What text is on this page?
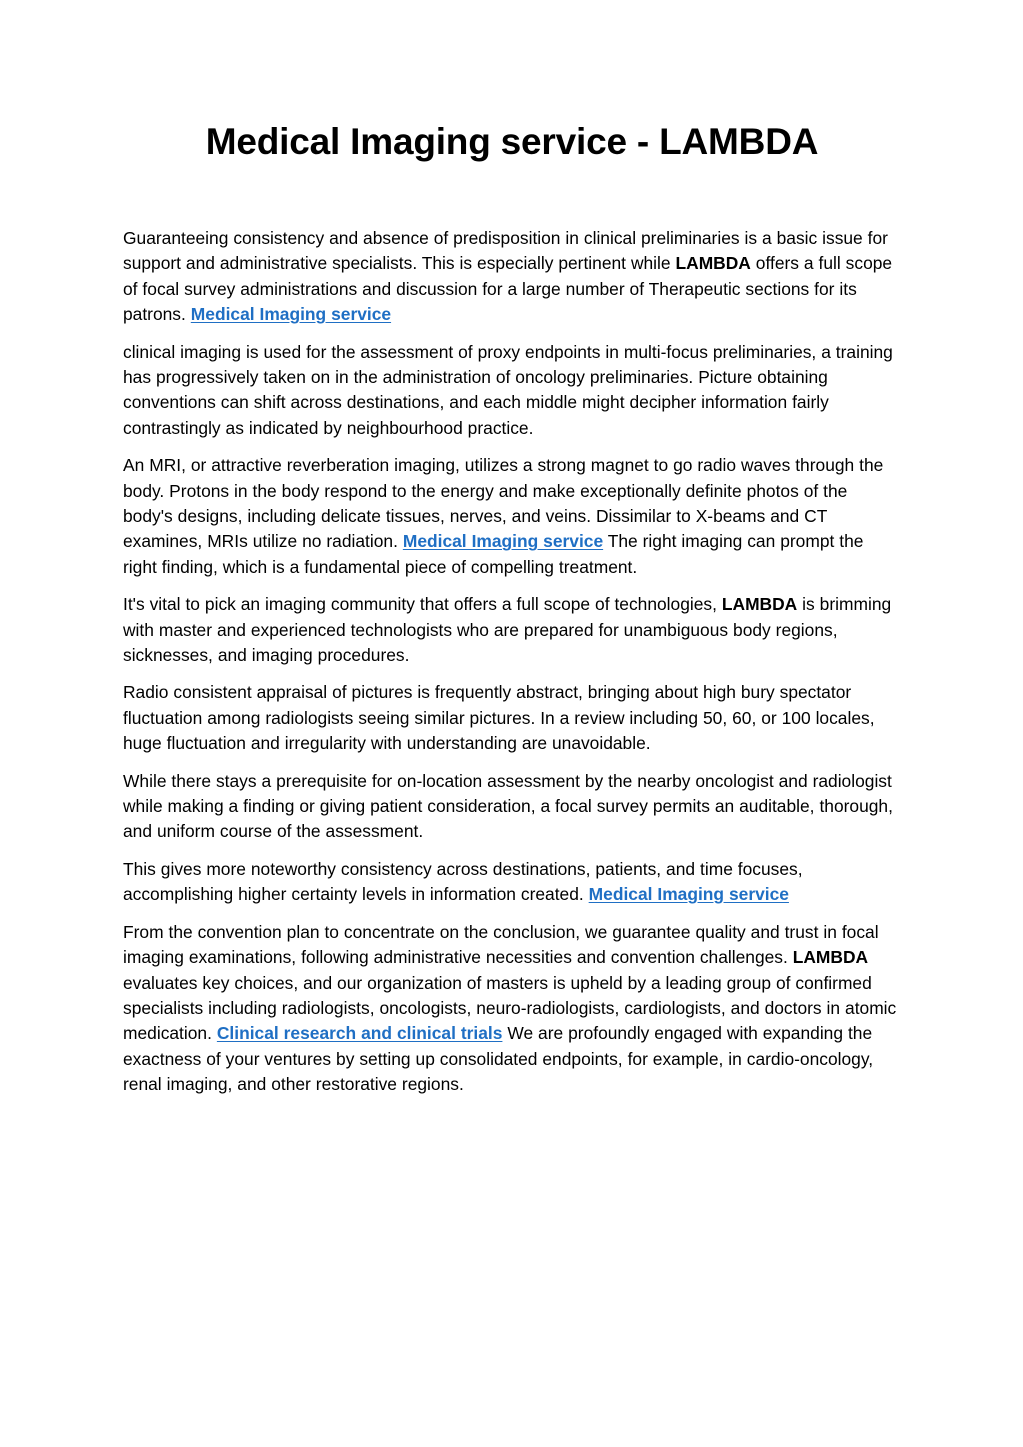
Medical Imaging service - LAMBDA

Guaranteeing consistency and absence of predisposition in clinical preliminaries is a basic issue for support and administrative specialists. This is especially pertinent while LAMBDA offers a full scope of focal survey administrations and discussion for a large number of Therapeutic sections for its patrons. Medical Imaging service

clinical imaging is used for the assessment of proxy endpoints in multi-focus preliminaries, a training has progressively taken on in the administration of oncology preliminaries. Picture obtaining conventions can shift across destinations, and each middle might decipher information fairly contrastingly as indicated by neighbourhood practice.

An MRI, or attractive reverberation imaging, utilizes a strong magnet to go radio waves through the body. Protons in the body respond to the energy and make exceptionally definite photos of the body's designs, including delicate tissues, nerves, and veins. Dissimilar to X-beams and CT examines, MRIs utilize no radiation. Medical Imaging service The right imaging can prompt the right finding, which is a fundamental piece of compelling treatment.

It's vital to pick an imaging community that offers a full scope of technologies, LAMBDA is brimming with master and experienced technologists who are prepared for unambiguous body regions, sicknesses, and imaging procedures.

Radio consistent appraisal of pictures is frequently abstract, bringing about high bury spectator fluctuation among radiologists seeing similar pictures. In a review including 50, 60, or 100 locales, huge fluctuation and irregularity with understanding are unavoidable.

While there stays a prerequisite for on-location assessment by the nearby oncologist and radiologist while making a finding or giving patient consideration, a focal survey permits an auditable, thorough, and uniform course of the assessment.

This gives more noteworthy consistency across destinations, patients, and time focuses, accomplishing higher certainty levels in information created. Medical Imaging service

From the convention plan to concentrate on the conclusion, we guarantee quality and trust in focal imaging examinations, following administrative necessities and convention challenges. LAMBDA evaluates key choices, and our organization of masters is upheld by a leading group of confirmed specialists including radiologists, oncologists, neuro-radiologists, cardiologists, and doctors in atomic medication. Clinical research and clinical trials We are profoundly engaged with expanding the exactness of your ventures by setting up consolidated endpoints, for example, in cardio-oncology, renal imaging, and other restorative regions.
